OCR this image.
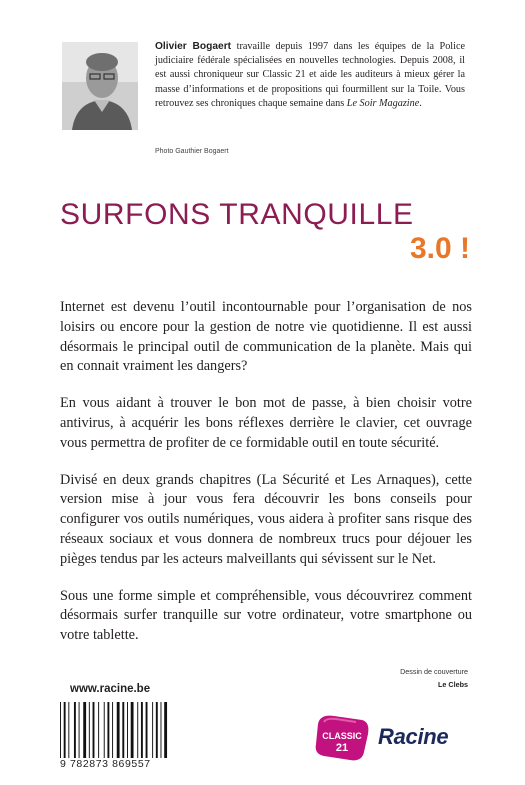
Olivier Bogaert travaille depuis 1997 dans les équipes de la Police judiciaire fédérale spécialisées en nouvelles technologies. Depuis 2008, il est aussi chroniqueur sur Classic 21 et aide les auditeurs à mieux gérer la masse d’informations et de propositions qui fourmillent sur la Toile. Vous retrouvez ses chroniques chaque semaine dans Le Soir Magazine.
Photo Gauthier Bogaert
SURFONS TRANQUILLE
3.0 !

Internet est devenu l’outil incontournable pour l’organisation de nos loisirs ou encore pour la gestion de notre vie quotidienne. Il est aussi désormais le principal outil de communication de la planète. Mais qui en connait vraiment les dangers?

En vous aidant à trouver le bon mot de passe, à bien choisir votre antivirus, à acquérir les bons réflexes derrière le clavier, cet ouvrage vous permettra de profiter de ce formidable outil en toute sécurité.

Divisé en deux grands chapitres (La Sécurité et Les Arnaques), cette version mise à jour vous fera découvrir les bons conseils pour configurer vos outils numériques, vous aidera à profiter sans risque des réseaux sociaux et vous donnera de nombreux trucs pour déjouer les pièges tendus par les acteurs malveillants qui sévissent sur le Net.

Sous une forme simple et compréhensible, vous découvrirez comment désormais surfer tranquille sur votre ordinateur, votre smartphone ou votre tablette.

www.racine.be
9 782873 869557
Dessin de couverture
Le Clebs
CLASSIC
21 Racine
